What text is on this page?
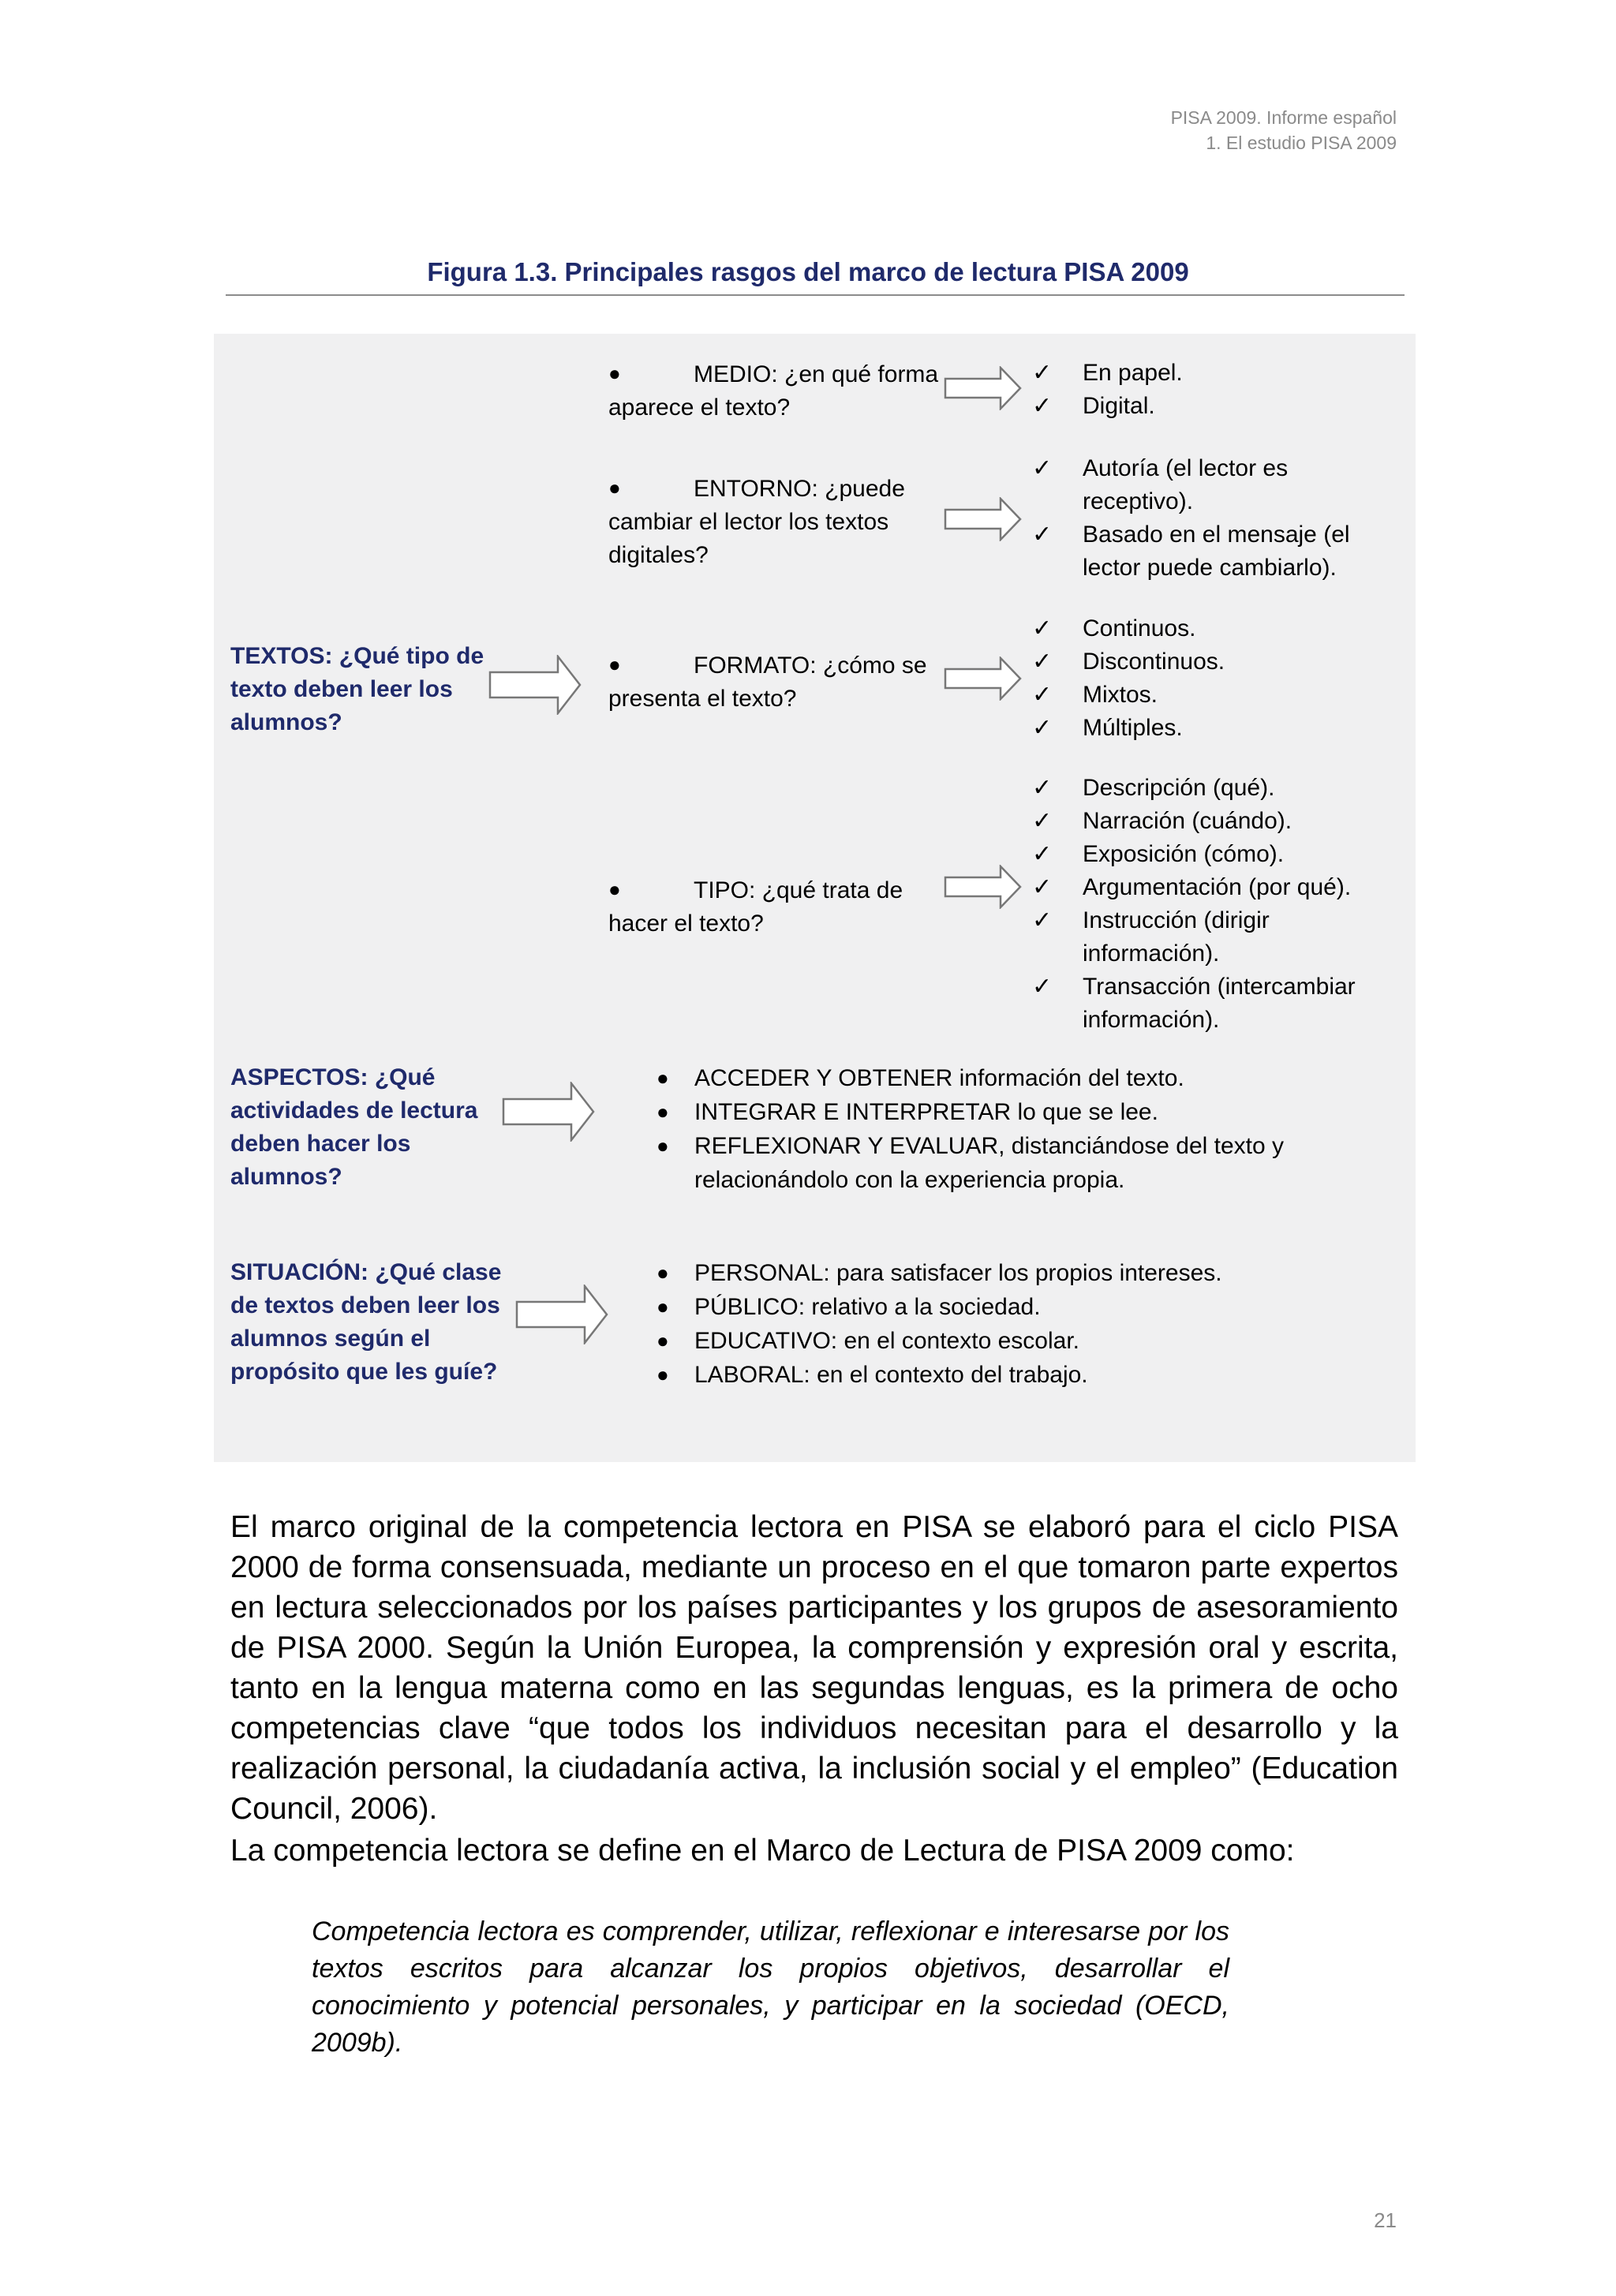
PISA 2009. Informe español
1. El estudio PISA 2009
Figura 1.3. Principales rasgos del marco de lectura PISA 2009
TEXTOS: ¿Qué tipo de texto deben leer los alumnos?
●	MEDIO: ¿en qué forma aparece el texto?
✓ En papel.
✓ Digital.
●	ENTORNO: ¿puede cambiar el lector los textos digitales?
✓ Autoría (el lector es receptivo).
✓ Basado en el mensaje (el lector puede cambiarlo).
●	FORMATO: ¿cómo se presenta el texto?
✓ Continuos.
✓ Discontinuos.
✓ Mixtos.
✓ Múltiples.
●	TIPO: ¿qué trata de hacer el texto?
✓ Descripción (qué).
✓ Narración (cuándo).
✓ Exposición (cómo).
✓ Argumentación (por qué).
✓ Instrucción (dirigir información).
✓ Transacción (intercambiar información).
ASPECTOS: ¿Qué actividades de lectura deben hacer los alumnos?
● ACCEDER Y OBTENER información del texto.
● INTEGRAR E INTERPRETAR lo que se lee.
● REFLEXIONAR Y EVALUAR, distanciándose del texto y relacionándolo con la experiencia propia.
SITUACIÓN: ¿Qué clase de textos deben leer los alumnos según el propósito que les guíe?
● PERSONAL: para satisfacer los propios intereses.
● PÚBLICO: relativo a la sociedad.
● EDUCATIVO: en el contexto escolar.
● LABORAL: en el contexto del trabajo.
El marco original de la competencia lectora en PISA se elaboró para el ciclo PISA 2000 de forma consensuada, mediante un proceso en el que tomaron parte expertos en lectura seleccionados por los países participantes y los grupos de asesoramiento de PISA 2000. Según la Unión Europea, la comprensión y expresión oral y escrita, tanto en la lengua materna como en las segundas lenguas, es la primera de ocho competencias clave “que todos los individuos necesitan para el desarrollo y la realización personal, la ciudadanía activa, la inclusión social y el empleo” (Education Council, 2006).
La competencia lectora se define en el Marco de Lectura de PISA 2009 como:
Competencia lectora es comprender, utilizar, reflexionar e interesarse por los textos escritos para alcanzar los propios objetivos, desarrollar el conocimiento y potencial personales, y participar en la sociedad (OECD, 2009b).
21
